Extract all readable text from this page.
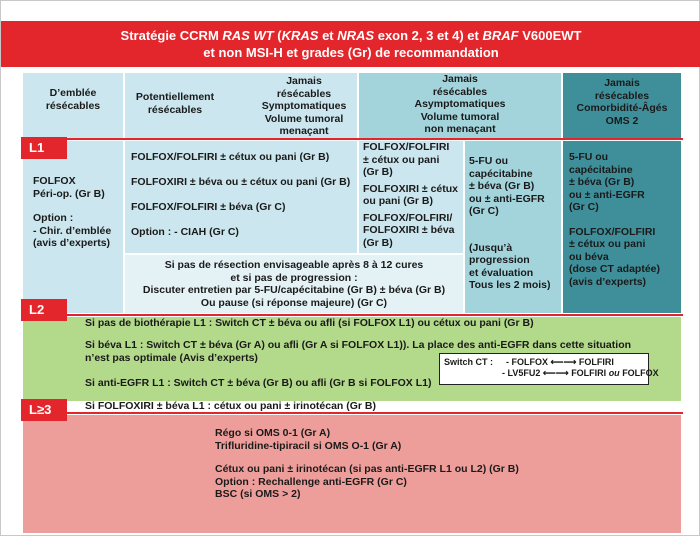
Stratégie CCRM RAS WT (KRAS et NRAS exon 2, 3 et 4) et BRAF V600EWT
et non MSI-H et grades (Gr) de recommandation
D’emblée
résécables
Potentiellement
résécables
Jamais
résécables
Symptomatiques
Volume tumoral
menaçant
Jamais
résécables
Asymptomatiques
Volume tumoral
non menaçant
Jamais
résécables
Comorbidité-Âgés
OMS 2
FOLFOX
Péri-op. (Gr B)
Option :
- Chir. d’emblée
(avis d’experts)
FOLFOX/FOLFIRI ± cétux ou pani (Gr B)
FOLFOXIRI ± béva ou ± cétux ou pani (Gr B)
FOLFOX/FOLFIRI ± béva (Gr C)
Option : - CIAH (Gr C)
FOLFOX/FOLFIRI
± cétux ou pani
(Gr B)
FOLFOXIRI ± cétux
ou pani (Gr B)
FOLFOX/FOLFIRI/
FOLFOXIRI ± béva
(Gr B)
5-FU ou
capécitabine
± béva (Gr B)
ou ± anti-EGFR
(Gr C)
(Jusqu’à
progression
et évaluation
Tous les 2 mois)
5-FU ou
capécitabine
± béva (Gr B)
ou ± anti-EGFR
(Gr C)
FOLFOX/FOLFIRI
± cétux ou pani
ou béva
(dose CT adaptée)
(avis d’experts)
Si pas de résection envisageable après 8 à 12 cures
et si pas de progression :
Discuter entretien par 5-FU/capécitabine (Gr B) ± béva (Gr B)
Ou pause (si réponse majeure) (Gr C)
Si pas de biothérapie L1 : Switch CT ± béva ou afli (si FOLFOX L1) ou cétux ou pani (Gr B)
Si béva L1 : Switch CT ± béva (Gr A) ou afli (Gr A si FOLFOX L1)). La place des anti-EGFR dans cette situation
n’est pas optimale (Avis d’experts)
Si anti-EGFR L1 : Switch CT ± béva (Gr B) ou afli (Gr B si FOLFOX L1)
Si FOLFOXIRI ± béva L1 : cétux ou pani ± irinotécan (Gr B)
Switch CT : - FOLFOX ⟵⟶ FOLFIRI
- LV5FU2 ⟵⟶ FOLFIRI ou FOLFOX
Régo si OMS 0-1 (Gr A)
Trifluridine-tipiracil si OMS O-1 (Gr A)
Cétux ou pani ± irinotécan (si pas anti-EGFR L1 ou L2) (Gr B)
Option : Rechallenge anti-EGFR (Gr C)
BSC (si OMS > 2)
L1
L2
L≥3
